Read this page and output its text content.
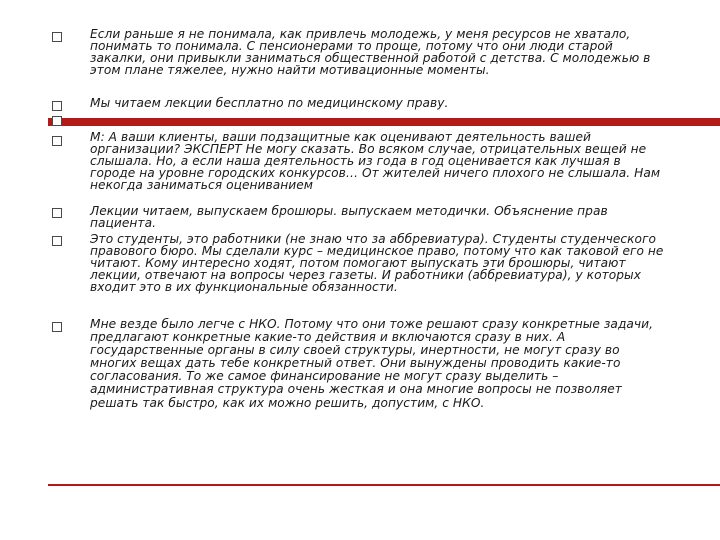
Если раньше я не понимала, как привлечь молодежь, у меня ресурсов не хватало, понимать то понимала. С пенсионерами то проще, потому что они люди старой закалки, они привыкли заниматься общественной работой с детства. С молодежью в этом плане тяжелее, нужно найти мотивационные моменты.

Мы читаем лекции бесплатно по медицинскому праву.

М: А ваши клиенты, ваши подзащитные как оценивают деятельность вашей организации? ЭКСПЕРТ Не могу сказать. Во всяком случае, отрицательных вещей не слышала. Но, а если наша деятельность из года в год оценивается как лучшая в городе на уровне городских конкурсов… От жителей ничего плохого не слышала. Нам некогда заниматься оцениванием

Лекции читаем, выпускаем брошюры. выпускаем методички. Объяснение прав пациента.

Это студенты, это работники (не знаю что за аббревиатура). Студенты студенческого правового бюро. Мы сделали курс – медицинское право, потому что как таковой его не читают. Кому интересно ходят, потом помогают выпускать эти брошюры, читают лекции, отвечают на вопросы через газеты. И работники (аббревиатура), у которых входит это в их функциональные обязанности.

Мне везде было легче с НКО. Потому что они тоже решают сразу конкретные задачи, предлагают конкретные какие-то действия и включаются сразу в них. А государственные органы в силу своей структуры, инертности, не могут сразу во многих вещах дать тебе конкретный ответ. Они вынуждены проводить какие-то согласования. То же самое финансирование не могут сразу выделить – административная структура очень жесткая и она многие вопросы не позволяет решать так быстро, как их можно решить, допустим, с НКО.
